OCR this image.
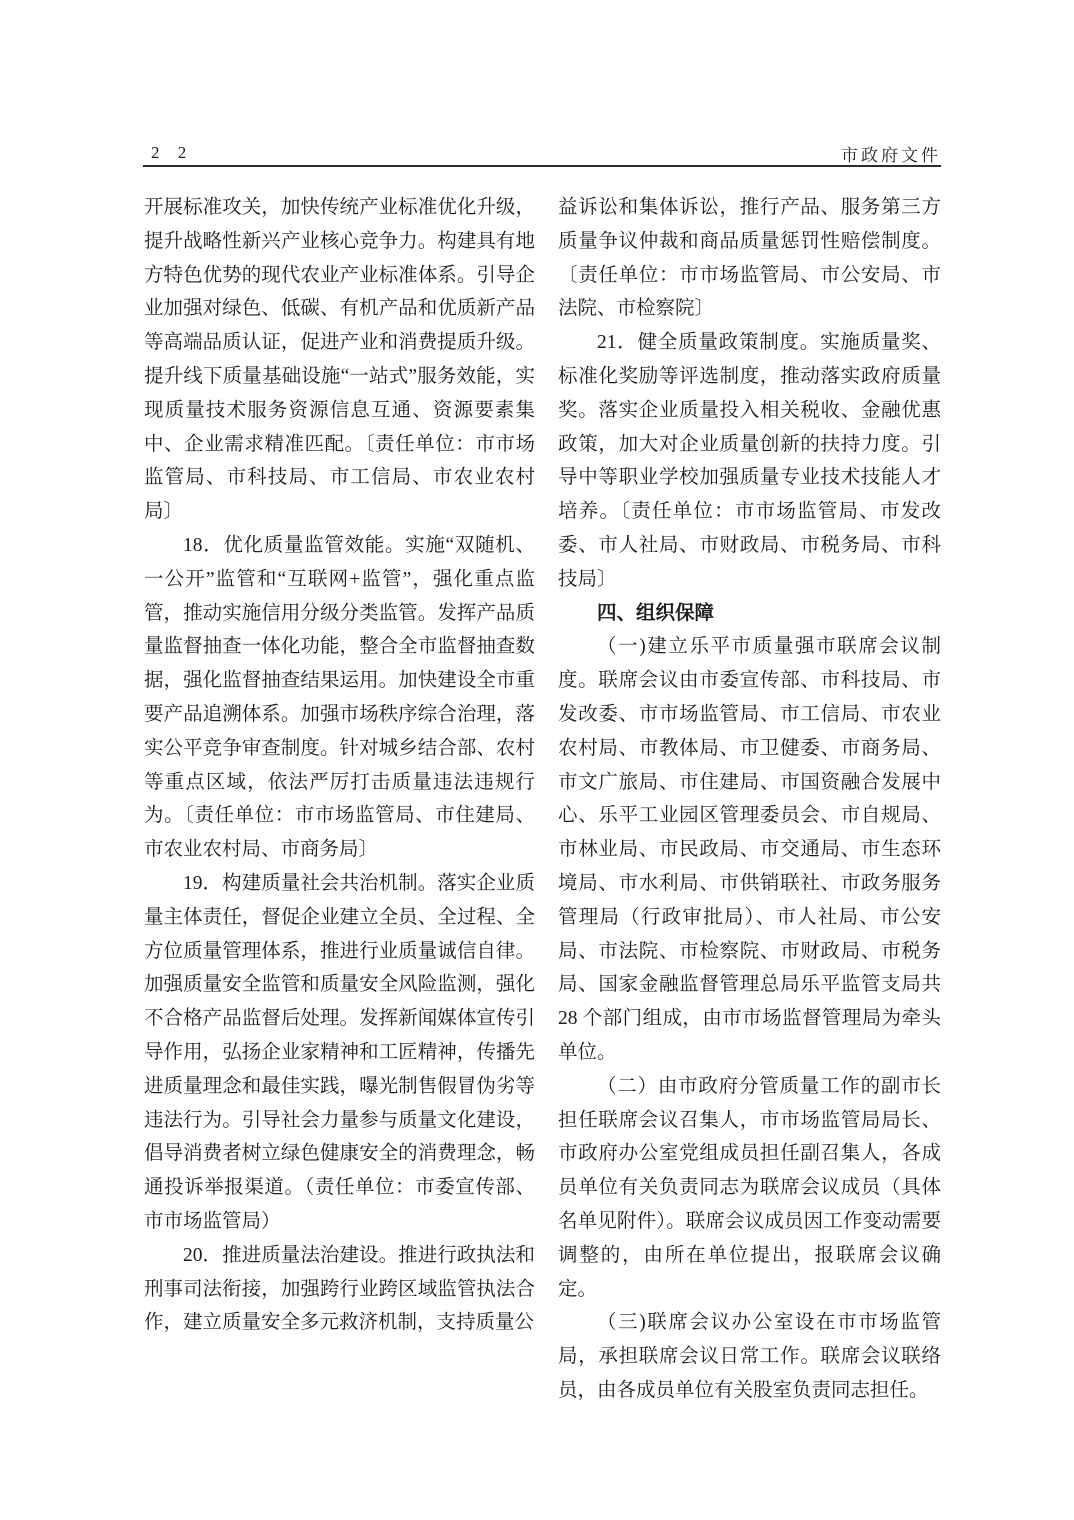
2 2	市政府文件

开展标准攻关，加快传统产业标准优化升级，提升战略性新兴产业核心竞争力。构建具有地方特色优势的现代农业产业标准体系。引导企业加强对绿色、低碳、有机产品和优质新产品等高端品质认证，促进产业和消费提质升级。提升线下质量基础设施“一站式”服务效能，实现质量技术服务资源信息互通、资源要素集中、企业需求精准匹配。〔责任单位：市市场监管局、市科技局、市工信局、市农业农村局〕

18．优化质量监管效能。实施“双随机、一公开”监管和“互联网+监管”，强化重点监管，推动实施信用分级分类监管。发挥产品质量监督抽查一体化功能，整合全市监督抽查数据，强化监督抽查结果运用。加快建设全市重要产品追溯体系。加强市场秩序综合治理，落实公平竞争审查制度。针对城乡结合部、农村等重点区域，依法严厉打击质量违法违规行为。〔责任单位：市市场监管局、市住建局、市农业农村局、市商务局〕

19．构建质量社会共治机制。落实企业质量主体责任，督促企业建立全员、全过程、全方位质量管理体系，推进行业质量诚信自律。加强质量安全监管和质量安全风险监测，强化不合格产品监督后处理。发挥新闻媒体宣传引导作用，弘扬企业家精神和工匠精神，传播先进质量理念和最佳实践，曝光制售假冒伪劣等违法行为。引导社会力量参与质量文化建设，倡导消费者树立绿色健康安全的消费理念，畅通投诉举报渠道。（责任单位：市委宣传部、市市场监管局）

20．推进质量法治建设。推进行政执法和刑事司法衔接，加强跨行业跨区域监管执法合作，建立质量安全多元救济机制，支持质量公

益诉讼和集体诉讼，推行产品、服务第三方质量争议仲裁和商品质量惩罚性赔偿制度。〔责任单位：市市场监管局、市公安局、市法院、市检察院〕

21．健全质量政策制度。实施质量奖、标准化奖励等评选制度，推动落实政府质量奖。落实企业质量投入相关税收、金融优惠政策，加大对企业质量创新的扶持力度。引导中等职业学校加强质量专业技术技能人才培养。〔责任单位：市市场监管局、市发改委、市人社局、市财政局、市税务局、市科技局〕

四、组织保障

（一)建立乐平市质量强市联席会议制度。联席会议由市委宣传部、市科技局、市发改委、市市场监管局、市工信局、市农业农村局、市教体局、市卫健委、市商务局、市文广旅局、市住建局、市国资融合发展中心、乐平工业园区管理委员会、市自规局、市林业局、市民政局、市交通局、市生态环境局、市水利局、市供销联社、市政务服务管理局（行政审批局）、市人社局、市公安局、市法院、市检察院、市财政局、市税务局、国家金融监督管理总局乐平监管支局共 28 个部门组成，由市市场监督管理局为牵头单位。

（二）由市政府分管质量工作的副市长担任联席会议召集人，市市场监管局局长、市政府办公室党组成员担任副召集人，各成员单位有关负责同志为联席会议成员（具体名单见附件）。联席会议成员因工作变动需要调整的，由所在单位提出，报联席会议确定。

（三)联席会议办公室设在市市场监管局，承担联席会议日常工作。联席会议联络员，由各成员单位有关股室负责同志担任。
